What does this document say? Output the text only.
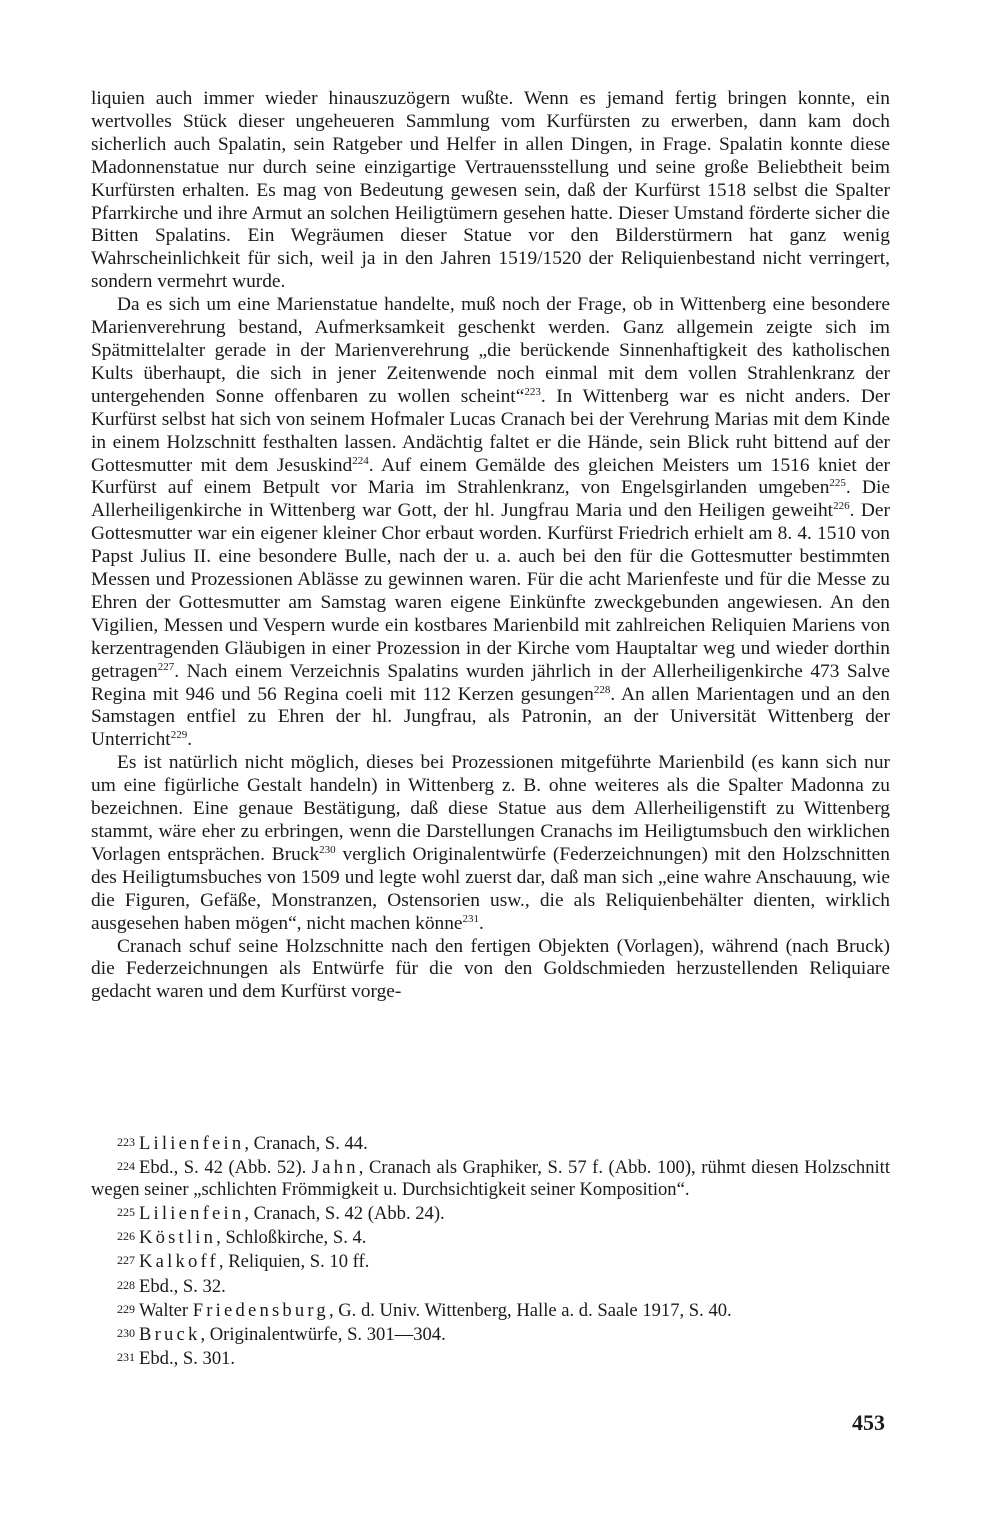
liquien auch immer wieder hinauszuzögern wußte. Wenn es jemand fertig bringen konnte, ein wertvolles Stück dieser ungeheueren Sammlung vom Kurfürsten zu erwerben, dann kam doch sicherlich auch Spalatin, sein Ratgeber und Helfer in allen Dingen, in Frage. Spalatin konnte diese Madonnenstatue nur durch seine einzigartige Vertrauensstellung und seine große Beliebtheit beim Kurfürsten erhalten. Es mag von Bedeutung gewesen sein, daß der Kurfürst 1518 selbst die Spalter Pfarrkirche und ihre Armut an solchen Heiligtümern gesehen hatte. Dieser Umstand förderte sicher die Bitten Spalatins. Ein Wegräumen dieser Statue vor den Bilderstürmern hat ganz wenig Wahrscheinlichkeit für sich, weil ja in den Jahren 1519/1520 der Reliquienbestand nicht verringert, sondern vermehrt wurde.

Da es sich um eine Marienstatue handelte, muß noch der Frage, ob in Wittenberg eine besondere Marienverehrung bestand, Aufmerksamkeit geschenkt werden. Ganz allgemein zeigte sich im Spätmittelalter gerade in der Marienverehrung „die berückende Sinnenhaftigkeit des katholischen Kults überhaupt, die sich in jener Zeitenwende noch einmal mit dem vollen Strahlenkranz der untergehenden Sonne offenbaren zu wollen scheint“$^{223}$. In Wittenberg war es nicht anders. Der Kurfürst selbst hat sich von seinem Hofmaler Lucas Cranach bei der Verehrung Marias mit dem Kinde in einem Holzschnitt festhalten lassen. Andächtig faltet er die Hände, sein Blick ruht bittend auf der Gottesmutter mit dem Jesuskind$^{224}$. Auf einem Gemälde des gleichen Meisters um 1516 kniet der Kurfürst auf einem Betpult vor Maria im Strahlenkranz, von Engelsgirlanden umgeben$^{225}$. Die Allerheiligenkirche in Wittenberg war Gott, der hl. Jungfrau Maria und den Heiligen geweiht$^{226}$. Der Gottesmutter war ein eigener kleiner Chor erbaut worden. Kurfürst Friedrich erhielt am 8. 4. 1510 von Papst Julius II. eine besondere Bulle, nach der u. a. auch bei den für die Gottesmutter bestimmten Messen und Prozessionen Ablässe zu gewinnen waren. Für die acht Marienfeste und für die Messe zu Ehren der Gottesmutter am Samstag waren eigene Einkünfte zweckgebunden angewiesen. An den Vigilien, Messen und Vespern wurde ein kostbares Marienbild mit zahlreichen Reliquien Mariens von kerzentragenden Gläubigen in einer Prozession in der Kirche vom Hauptaltar weg und wieder dorthin getragen$^{227}$. Nach einem Verzeichnis Spalatins wurden jährlich in der Allerheiligenkirche 473 Salve Regina mit 946 und 56 Regina coeli mit 112 Kerzen gesungen$^{228}$. An allen Marientagen und an den Samstagen entfiel zu Ehren der hl. Jungfrau, als Patronin, an der Universität Wittenberg der Unterricht$^{229}$.

Es ist natürlich nicht möglich, dieses bei Prozessionen mitgeführte Marienbild (es kann sich nur um eine figürliche Gestalt handeln) in Wittenberg z. B. ohne weiteres als die Spalter Madonna zu bezeichnen. Eine genaue Bestätigung, daß diese Statue aus dem Allerheiligenstift zu Wittenberg stammt, wäre eher zu erbringen, wenn die Darstellungen Cranachs im Heiligtumsbuch den wirklichen Vorlagen entsprächen. Bruck$^{230}$ verglich Originalentwürfe (Federzeichnungen) mit den Holzschnitten des Heiligtumsbuches von 1509 und legte wohl zuerst dar, daß man sich „eine wahre Anschauung, wie die Figuren, Gefäße, Monstranzen, Ostensorien usw., die als Reliquienbehälter dienten, wirklich ausgesehen haben mögen“, nicht machen könne$^{231}$.

Cranach schuf seine Holzschnitte nach den fertigen Objekten (Vorlagen), während (nach Bruck) die Federzeichnungen als Entwürfe für die von den Goldschmieden herzustellenden Reliquiare gedacht waren und dem Kurfürst vorge-

223 Lilienfein, Cranach, S. 44.

224 Ebd., S. 42 (Abb. 52). Jahn, Cranach als Graphiker, S. 57 f. (Abb. 100), rühmt diesen Holzschnitt wegen seiner „schlichten Frömmigkeit u. Durchsichtigkeit seiner Komposition“.

225 Lilienfein, Cranach, S. 42 (Abb. 24).

226 Köstlin, Schloßkirche, S. 4.

227 Kalkoff, Reliquien, S. 10 ff.

228 Ebd., S. 32.

229 Walter Friedensburg, G. d. Univ. Wittenberg, Halle a. d. Saale 1917, S. 40.

230 Bruck, Originalentwürfe, S. 301—304.

231 Ebd., S. 301.

453
